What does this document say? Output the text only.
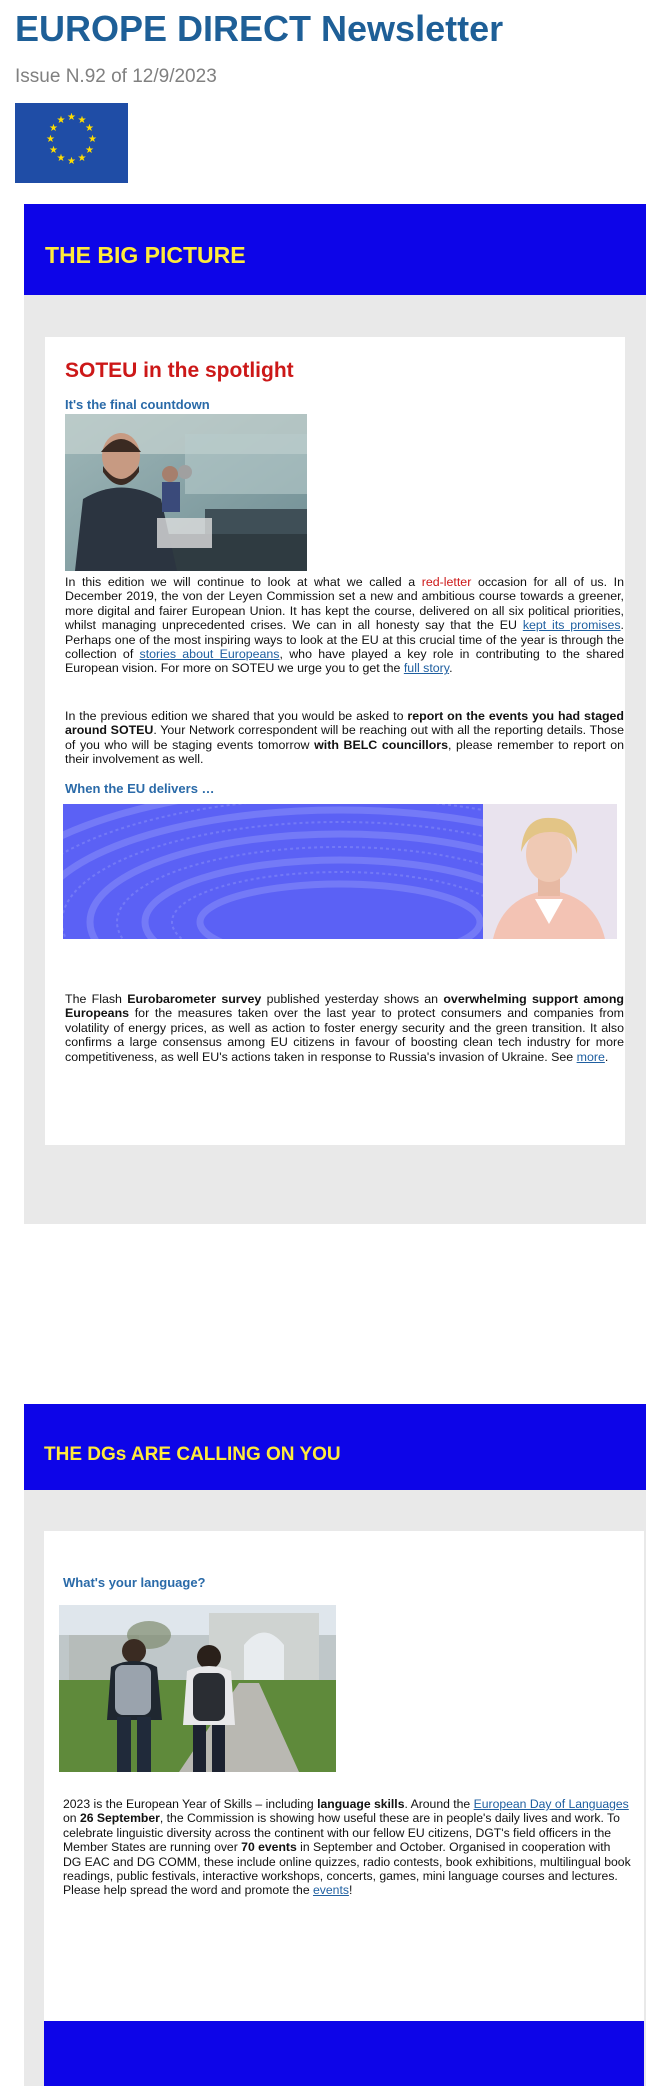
EUROPE DIRECT Newsletter
Issue N.92 of 12/9/2023
★ ★
★
★
★
★
★
★
★
★
★
★
THE BIG PICTURE
SOTEU in the spotlight
It's the final countdown

In this edition we will continue to look at what we called a red-letter occasion for all of us. In December 2019, the von der Leyen Commission set a new and ambitious course towards a greener, more digital and fairer European Union. It has kept the course, delivered on all six political priorities, whilst managing unprecedented crises. We can in all honesty say that the EU kept its promises. Perhaps one of the most inspiring ways to look at the EU at this crucial time of the year is through the collection of stories about Europeans, who have played a key role in contributing to the shared European vision. For more on SOTEU we urge you to get the full story.

In the previous edition we shared that you would be asked to report on the events you had staged around SOTEU. Your Network correspondent will be reaching out with all the reporting details. Those of you who will be staging events tomorrow with BELC councillors, please remember to report on their involvement as well.

When the EU delivers …

The Flash Eurobarometer survey published yesterday shows an overwhelming support among Europeans for the measures taken over the last year to protect consumers and companies from volatility of energy prices, as well as action to foster energy security and the green transition. It also confirms a large consensus among EU citizens in favour of boosting clean tech industry for more competitiveness, as well EU's actions taken in response to Russia's invasion of Ukraine. See more.

THE DGs ARE CALLING ON YOU
What's your language?

2023 is the European Year of Skills – including language skills. Around the European Day of Languages on 26 September, the Commission is showing how useful these are in people's daily lives and work. To celebrate linguistic diversity across the continent with our fellow EU citizens, DGT's field officers in the Member States are running over 70 events in September and October. Organised in cooperation with DG EAC and DG COMM, these include online quizzes, radio contests, book exhibitions, multilingual book readings, public festivals, interactive workshops, concerts, games, mini language courses and lectures. Please help spread the word and promote the events!
